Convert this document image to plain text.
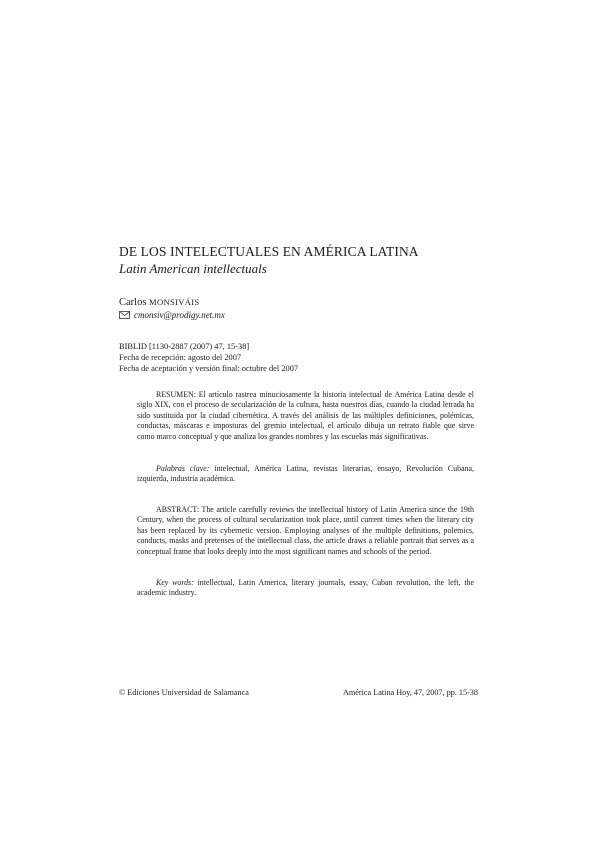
DE LOS INTELECTUALES EN AMÉRICA LATINA
Latin American intellectuals
Carlos MONSIVÁIS
cmonsiv@prodigy.net.mx
BIBLID [1130-2887 (2007) 47, 15-38]
Fecha de recepción: agosto del 2007
Fecha de aceptación y versión final: octubre del 2007
RESUMEN: El artículo rastrea minuciosamente la historia intelectual de América Latina desde el siglo XIX, con el proceso de secularización de la cultura, hasta nuestros días, cuando la ciudad letrada ha sido sustituida por la ciudad cibernética. A través del análisis de las múltiples definiciones, polémicas, conductas, máscaras e imposturas del gremio intelectual, el artículo dibuja un retrato fiable que sirve como marco conceptual y que analiza los grandes nombres y las escuelas más significativas.
Palabras clave: intelectual, América Latina, revistas literarias, ensayo, Revolución Cubana, izquierda, industria académica.
ABSTRACT: The article carefully reviews the intellectual history of Latin America since the 19th Century, when the process of cultural secularization took place, until current times when the literary city has been replaced by its cybernetic version. Employing analyses of the multiple definitions, polemics, conducts, masks and pretenses of the intellectual class, the article draws a reliable portrait that serves as a conceptual frame that looks deeply into the most significant names and schools of the period.
Key words: intellectual, Latin America, literary journals, essay, Cuban revolution, the left, the academic industry.
© Ediciones Universidad de Salamanca	América Latina Hoy, 47, 2007, pp. 15-38
